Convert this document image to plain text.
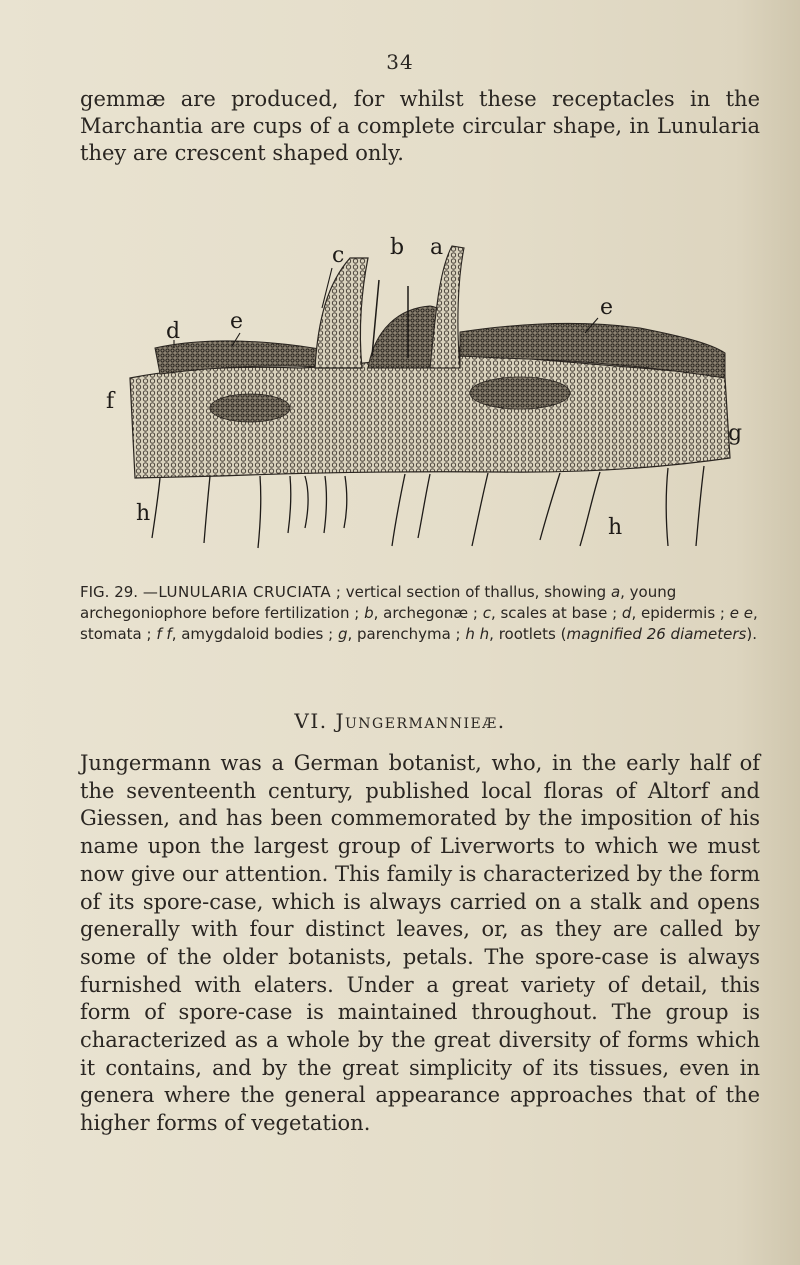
34

gemmæ are produced, for whilst these receptacles in the Marchantia are cups of a complete circular shape, in Lunularia they are crescent shaped only.

a
b
c
d e
e
f
g
h
h

FIG. 29. —LUNULARIA CRUCIATA ; vertical section of thallus, showing a, young archegoniophore before fertilization ; b, archegonæ ; c, scales at base ; d, epidermis ; e e, stomata ; f f, amygdaloid bodies ; g, parenchyma ; h h, rootlets (magnified 26 diameters).

VI. Jungermannieæ.

Jungermann was a German botanist, who, in the early half of the seventeenth century, published local floras of Altorf and Giessen, and has been commemorated by the imposition of his name upon the largest group of Liverworts to which we must now give our attention. This family is characterized by the form of its spore-case, which is always carried on a stalk and opens generally with four distinct leaves, or, as they are called by some of the older botanists, petals. The spore-case is always furnished with elaters. Under a great variety of detail, this form of spore-case is maintained throughout. The group is characterized as a whole by the great diversity of forms which it contains, and by the great simplicity of its tissues, even in genera where the general appearance approaches that of the higher forms of vegetation.
